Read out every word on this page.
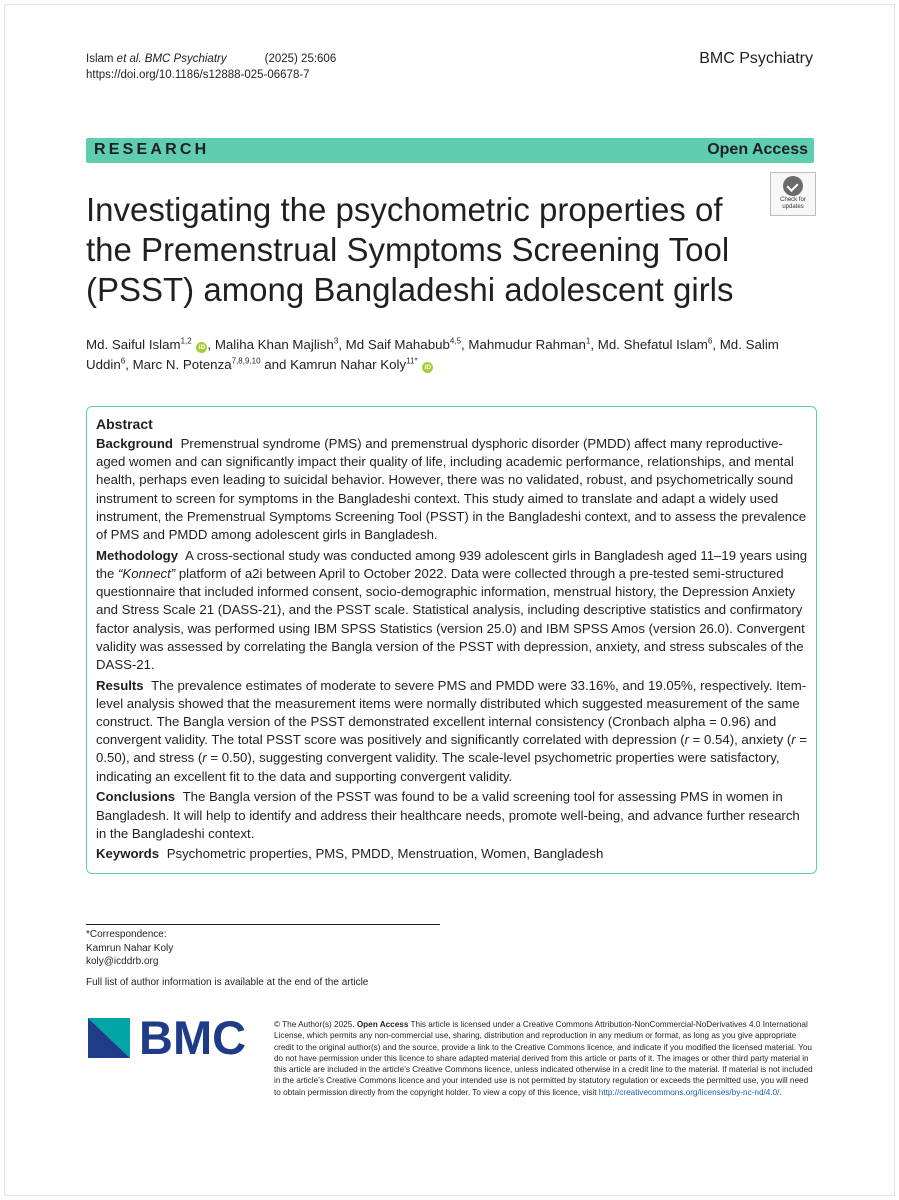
Islam et al. BMC Psychiatry	(2025) 25:606
https://doi.org/10.1186/s12888-025-06678-7
BMC Psychiatry
RESEARCH	Open Access
Check for
updates
Investigating the psychometric properties of the Premenstrual Symptoms Screening Tool (PSST) among Bangladeshi adolescent girls
Md. Saiful Islam$^{1,2}$ iD , Maliha Khan Majlish$^3$, Md Saif Mahabub$^{4,5}$, Mahmudur Rahman$^1$, Md. Shefatul Islam$^6$, Md. Salim Uddin$^6$, Marc N. Potenza$^{7,8,9,10}$ and Kamrun Nahar Koly$^{11*}$ iD
Abstract

Background Premenstrual syndrome (PMS) and premenstrual dysphoric disorder (PMDD) affect many reproductive-aged women and can significantly impact their quality of life, including academic performance, relationships, and mental health, perhaps even leading to suicidal behavior. However, there was no validated, robust, and psychometrically sound instrument to screen for symptoms in the Bangladeshi context. This study aimed to translate and adapt a widely used instrument, the Premenstrual Symptoms Screening Tool (PSST) in the Bangladeshi context, and to assess the prevalence of PMS and PMDD among adolescent girls in Bangladesh.

Methodology A cross-sectional study was conducted among 939 adolescent girls in Bangladesh aged 11–19 years using the “Konnect” platform of a2i between April to October 2022. Data were collected through a pre-tested semi-structured questionnaire that included informed consent, socio-demographic information, menstrual history, the Depression Anxiety and Stress Scale 21 (DASS-21), and the PSST scale. Statistical analysis, including descriptive statistics and confirmatory factor analysis, was performed using IBM SPSS Statistics (version 25.0) and IBM SPSS Amos (version 26.0). Convergent validity was assessed by correlating the Bangla version of the PSST with depression, anxiety, and stress subscales of the DASS-21.

Results The prevalence estimates of moderate to severe PMS and PMDD were 33.16%, and 19.05%, respectively. Item-level analysis showed that the measurement items were normally distributed which suggested measurement of the same construct. The Bangla version of the PSST demonstrated excellent internal consistency (Cronbach alpha = 0.96) and convergent validity. The total PSST score was positively and significantly correlated with depression (r = 0.54), anxiety (r = 0.50), and stress (r = 0.50), suggesting convergent validity. The scale-level psychometric properties were satisfactory, indicating an excellent fit to the data and supporting convergent validity.

Conclusions The Bangla version of the PSST was found to be a valid screening tool for assessing PMS in women in Bangladesh. It will help to identify and address their healthcare needs, promote well-being, and advance further research in the Bangladeshi context.

Keywords Psychometric properties, PMS, PMDD, Menstruation, Women, Bangladesh

*Correspondence:
Kamrun Nahar Koly
koly@icddrb.org
Full list of author information is available at the end of the article
BMC	© The Author(s) 2025. Open Access This article is licensed under a Creative Commons Attribution-NonCommercial-NoDerivatives 4.0 International License, which permits any non-commercial use, sharing, distribution and reproduction in any medium or format, as long as you give appropriate credit to the original author(s) and the source, provide a link to the Creative Commons licence, and indicate if you modified the licensed material. You do not have permission under this licence to share adapted material derived from this article or parts of it. The images or other third party material in this article are included in the article’s Creative Commons licence, unless indicated otherwise in a credit line to the material. If material is not included in the article’s Creative Commons licence and your intended use is not permitted by statutory regulation or exceeds the permitted use, you will need to obtain permission directly from the copyright holder. To view a copy of this licence, visit http://creativecommons.org/licenses/by-nc-nd/4.0/.
